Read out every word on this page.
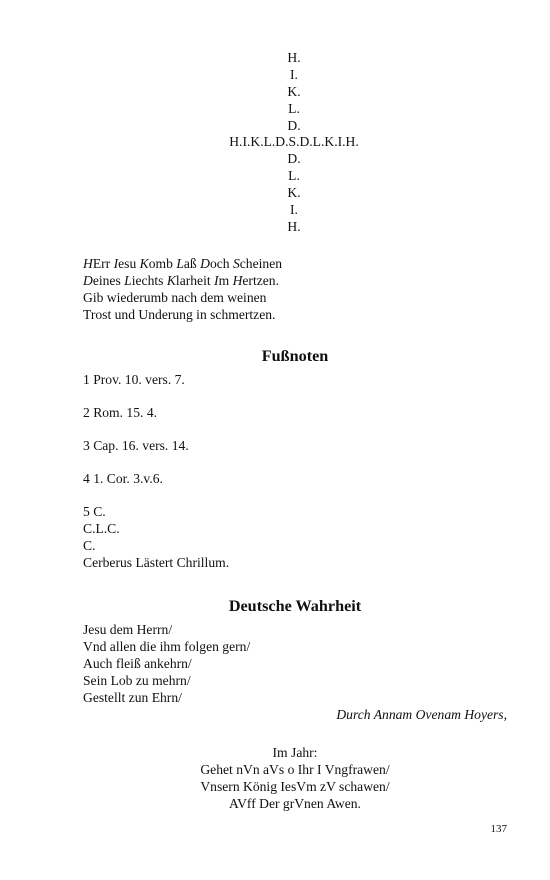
H.
I.
K.
L.
D.
H.I.K.L.D.S.D.L.K.I.H.
D.
L.
K.
I.
H.
HErr Iesu Komb Laß Doch Scheinen
Deines Liechts Klarheit Im Hertzen.
Gib wiederumb nach dem weinen
Trost und Underung in schmertzen.
Fußnoten
1 Prov. 10. vers. 7.
2 Rom. 15. 4.
3 Cap. 16. vers. 14.
4 1. Cor. 3.v.6.
5 C.
C.L.C.
C.
Cerberus Lästert Chrillum.
Deutsche Wahrheit
Jesu dem Herrn/
Vnd allen die ihm folgen gern/
Auch fleiß ankehrn/
Sein Lob zu mehrn/
Gestellt zun Ehrn/
Durch Annam Ovenam Hoyers,
Im Jahr:
Gehet nVn aVs o Ihr I Vngfrawen/
Vnsern König IesVm zV schawen/
AVff Der grVnen Awen.
137
